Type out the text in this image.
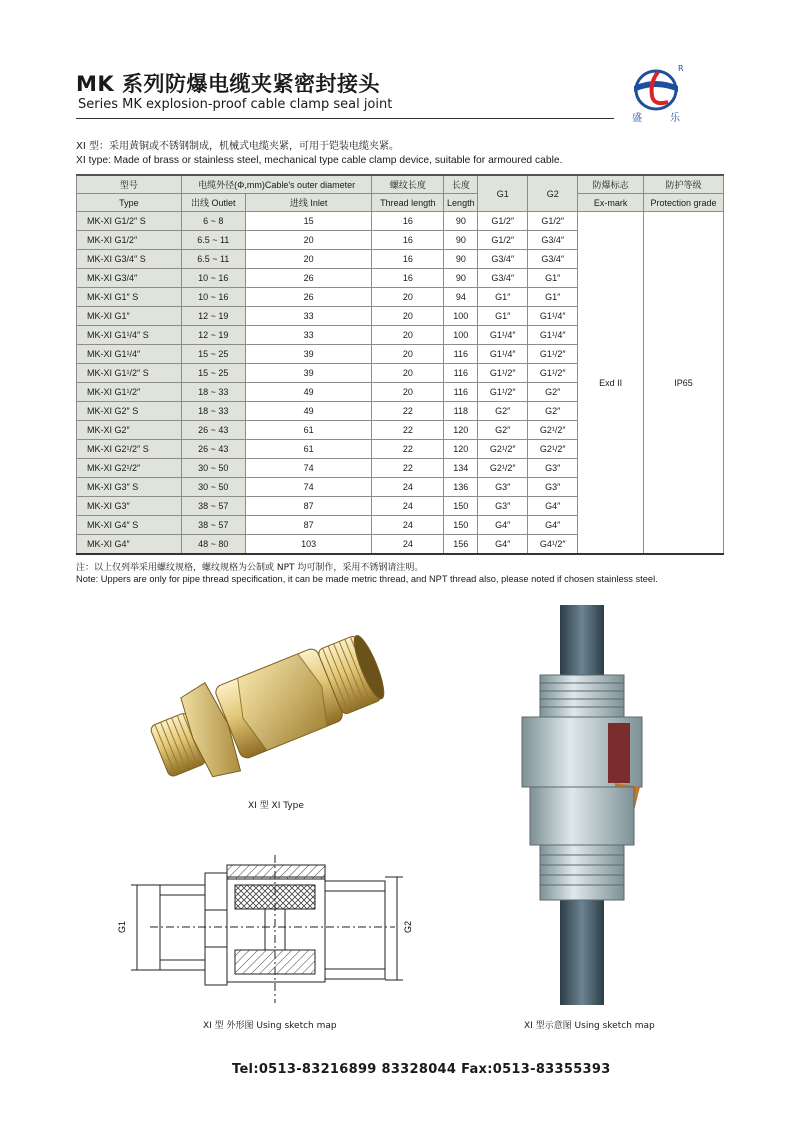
MK 系列防爆电缆夹紧密封接头
Series MK explosion-proof cable clamp seal joint
R
盛	乐
XI 型：采用黄铜或不锈钢制成，机械式电缆夹紧，可用于铠装电缆夹紧。
XI type: Made of brass or stainless steel, mechanical type cable clamp device, suitable for armoured cable.
型号	电缆外径(Φ,mm)Cable's outer diameter		螺纹长度	长度	G1	G2	防爆标志	防护等级
Type	出线 Outlet	进线 Inlet	Thread length	Length			Ex-mark	Protection grade
MK-XI G1/2″ S	6 ~ 8	15	16	90	G1/2″	G1/2″	Exd II	IP65
MK-XI G1/2″	6.5 ~ 11	20	16	90	G1/2″	G3/4″		
MK-XI G3/4″ S	6.5 ~ 11	20	16	90	G3/4″	G3/4″		
MK-XI G3/4″	10 ~ 16	26	16	90	G3/4″	G1″		
MK-XI G1″ S	10 ~ 16	26	20	94	G1″	G1″		
MK-XI G1″	12 ~ 19	33	20	100	G1″	G1¹/4″		
MK-XI G1¹/4″ S	12 ~ 19	33	20	100	G1¹/4″	G1¹/4″		
MK-XI G1¹/4″	15 ~ 25	39	20	116	G1¹/4″	G1¹/2″		
MK-XI G1¹/2″ S	15 ~ 25	39	20	116	G1¹/2″	G1¹/2″		
MK-XI G1¹/2″	18 ~ 33	49	20	116	G1¹/2″	G2″		
MK-XI G2″ S	18 ~ 33	49	22	118	G2″	G2″		
MK-XI G2″	26 ~ 43	61	22	120	G2″	G2¹/2″		
MK-XI G2¹/2″ S	26 ~ 43	61	22	120	G2¹/2″	G2¹/2″		
MK-XI G2¹/2″	30 ~ 50	74	22	134	G2¹/2″	G3″		
MK-XI G3″ S	30 ~ 50	74	24	136	G3″	G3″		
MK-XI G3″	38 ~ 57	87	24	150	G3″	G4″		
MK-XI G4″ S	38 ~ 57	87	24	150	G4″	G4″		
MK-XI G4″	48 ~ 80	103	24	156	G4″	G4¹/2″		
注：以上仅列举采用螺纹规格，螺纹规格为公制或 NPT 均可制作，采用不锈钢请注明。
Note: Uppers are only for pipe thread specification, it can be made metric thread, and NPT thread also, please noted if chosen stainless steel.
XI 型 XI Type
G1	G2
XI 型 外形图 Using sketch map	XI 型示意图 Using sketch map
Tel:0513-83216899 83328044 Fax:0513-83355393
